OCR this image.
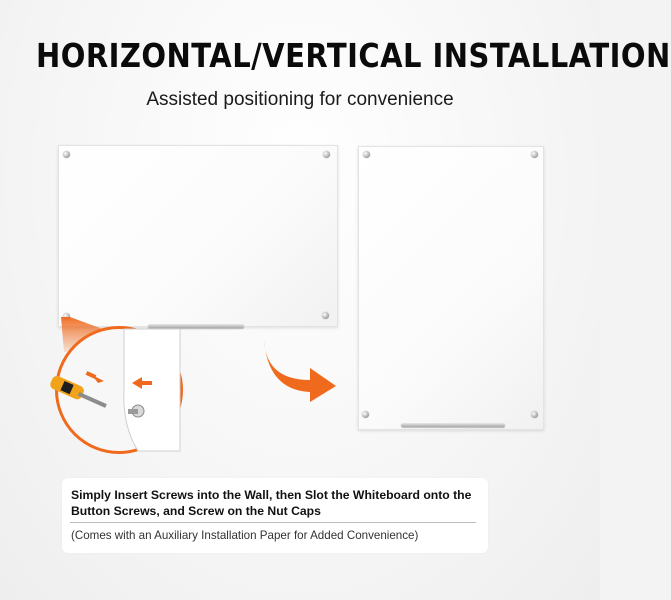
HORIZONTAL/VERTICAL INSTALLATION
Assisted positioning for convenience
Simply Insert Screws into the Wall, then Slot the Whiteboard onto the Button Screws, and Screw on the Nut Caps
(Comes with an Auxiliary Installation Paper for Added Convenience)
